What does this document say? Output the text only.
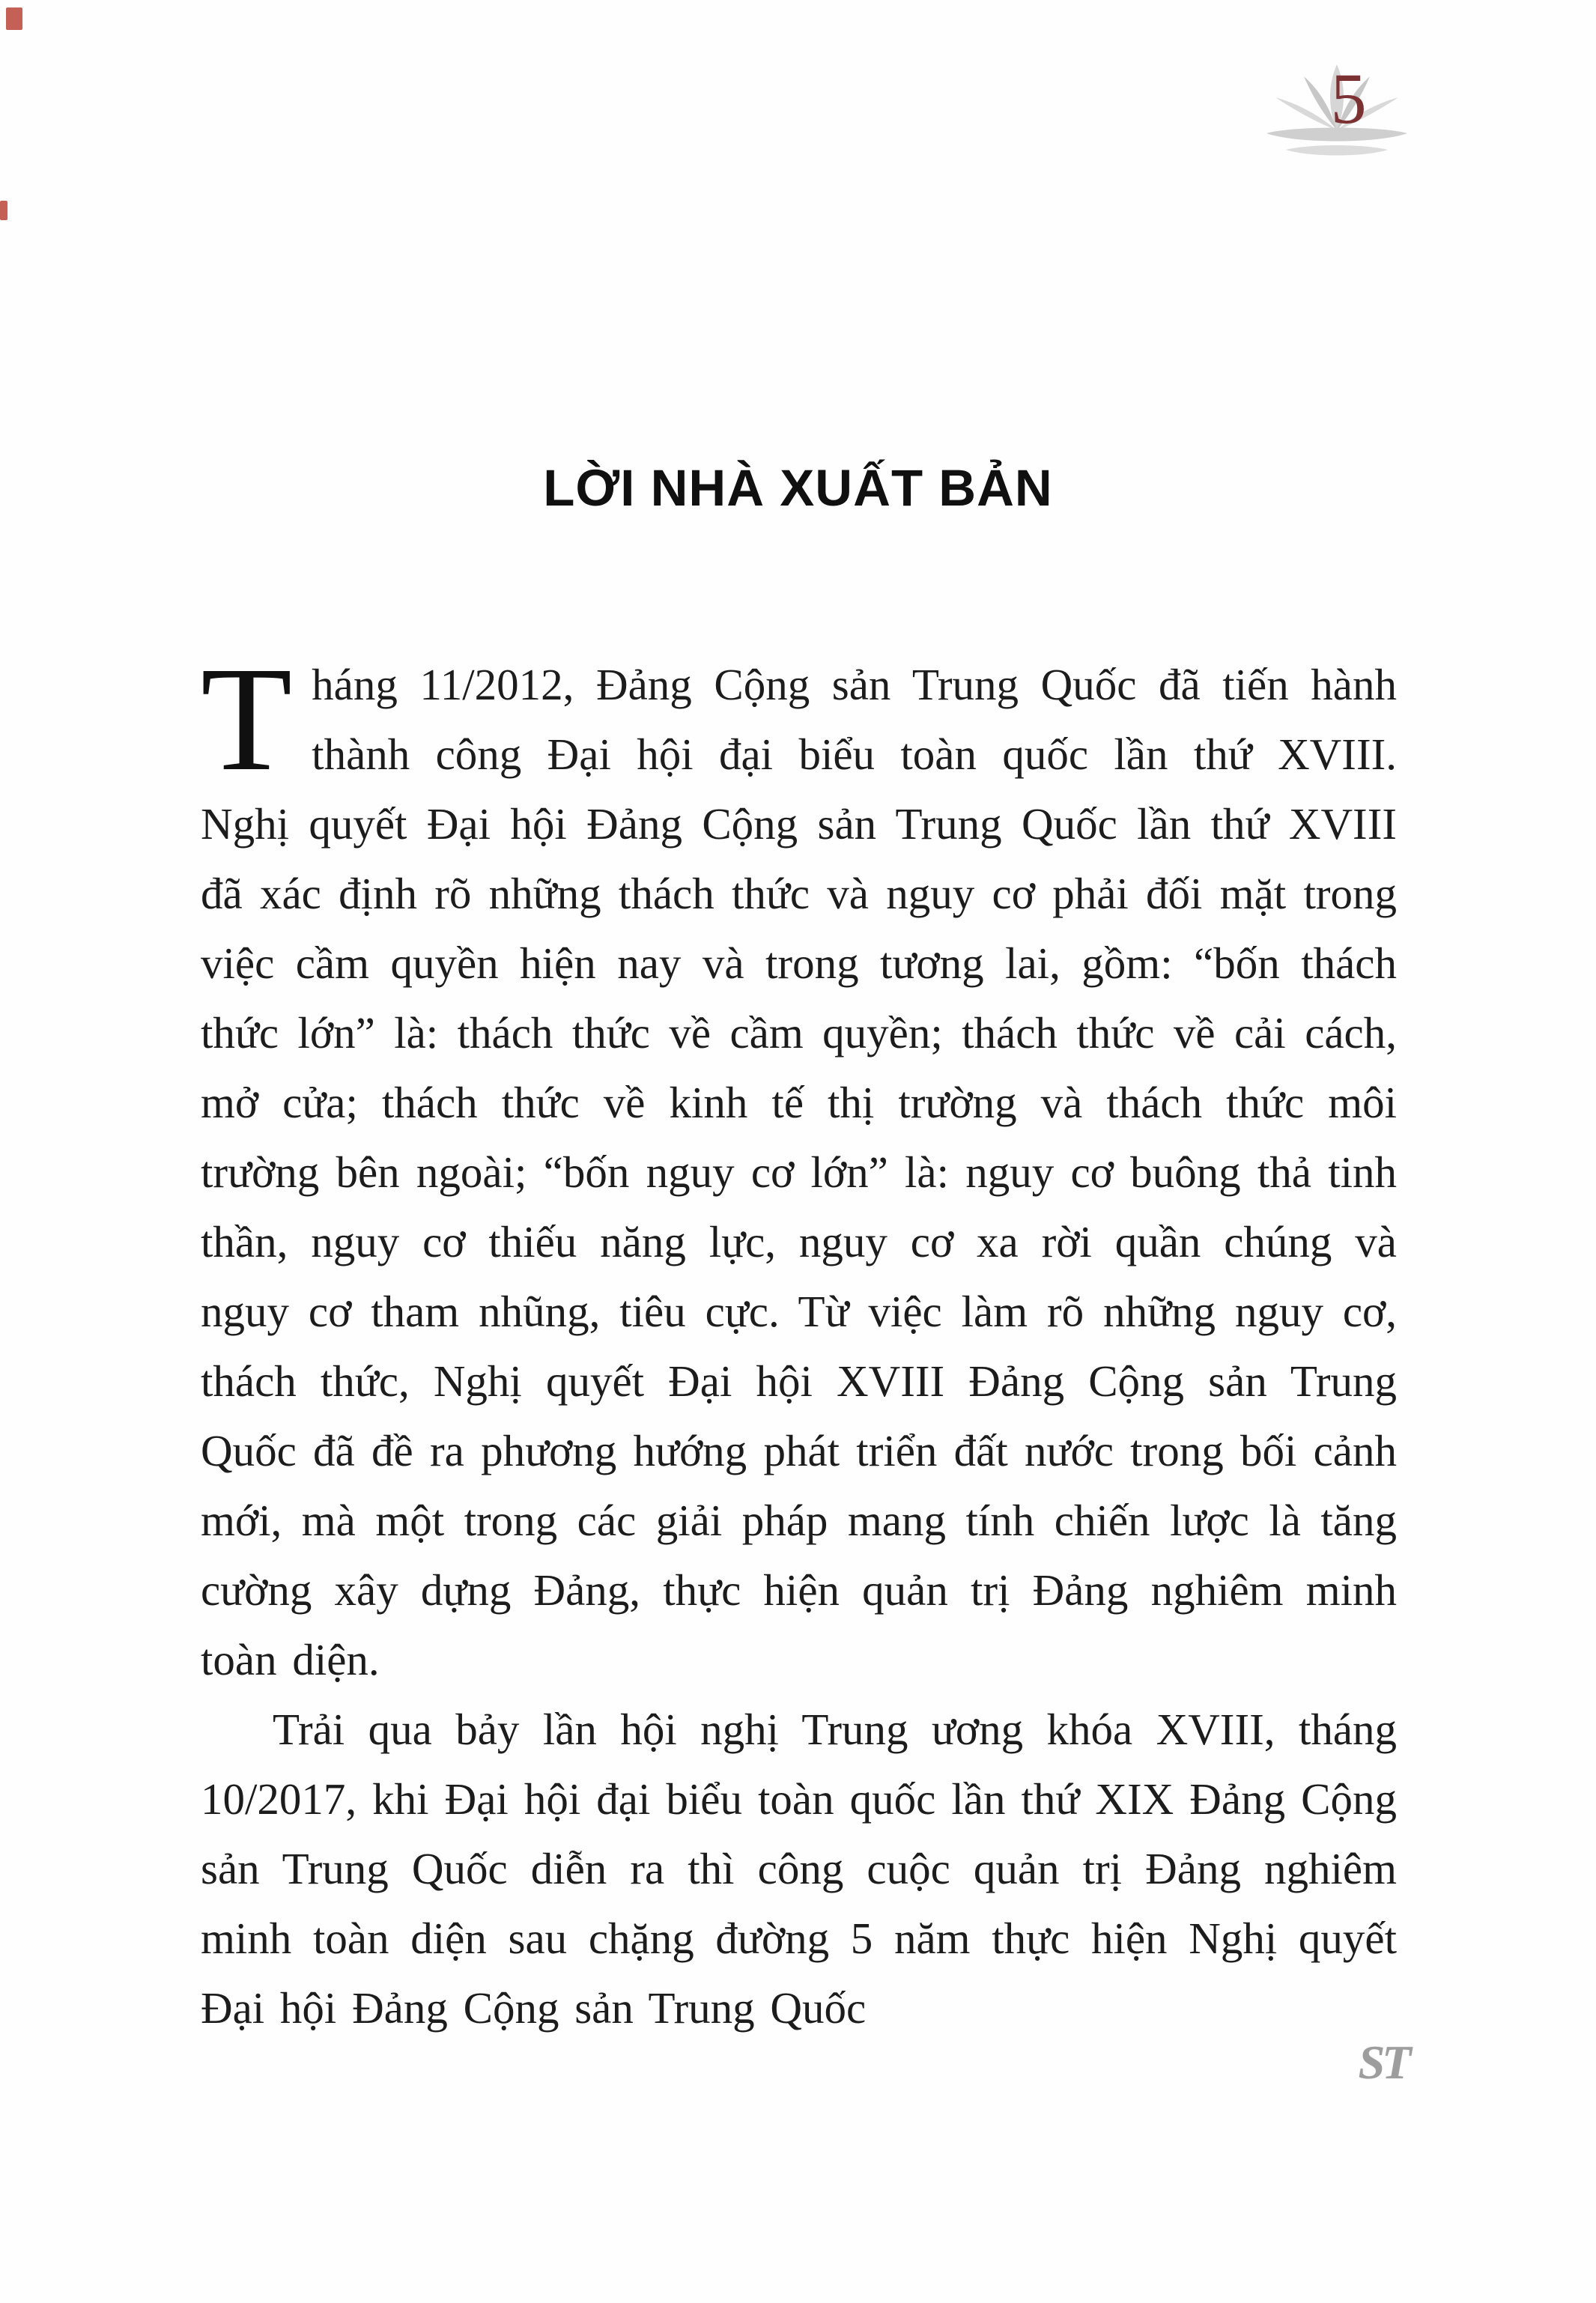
5
LỜI NHÀ XUẤT BẢN

Tháng 11/2012, Đảng Cộng sản Trung Quốc đã tiến hành thành công Đại hội đại biểu toàn quốc lần thứ XVIII. Nghị quyết Đại hội Đảng Cộng sản Trung Quốc lần thứ XVIII đã xác định rõ những thách thức và nguy cơ phải đối mặt trong việc cầm quyền hiện nay và trong tương lai, gồm: “bốn thách thức lớn” là: thách thức về cầm quyền; thách thức về cải cách, mở cửa; thách thức về kinh tế thị trường và thách thức môi trường bên ngoài; “bốn nguy cơ lớn” là: nguy cơ buông thả tinh thần, nguy cơ thiếu năng lực, nguy cơ xa rời quần chúng và nguy cơ tham nhũng, tiêu cực. Từ việc làm rõ những nguy cơ, thách thức, Nghị quyết Đại hội XVIII Đảng Cộng sản Trung Quốc đã đề ra phương hướng phát triển đất nước trong bối cảnh mới, mà một trong các giải pháp mang tính chiến lược là tăng cường xây dựng Đảng, thực hiện quản trị Đảng nghiêm minh toàn diện.

Trải qua bảy lần hội nghị Trung ương khóa XVIII, tháng 10/2017, khi Đại hội đại biểu toàn quốc lần thứ XIX Đảng Cộng sản Trung Quốc diễn ra thì công cuộc quản trị Đảng nghiêm minh toàn diện sau chặng đường 5 năm thực hiện Nghị quyết Đại hội Đảng Cộng sản Trung Quốc

ST
